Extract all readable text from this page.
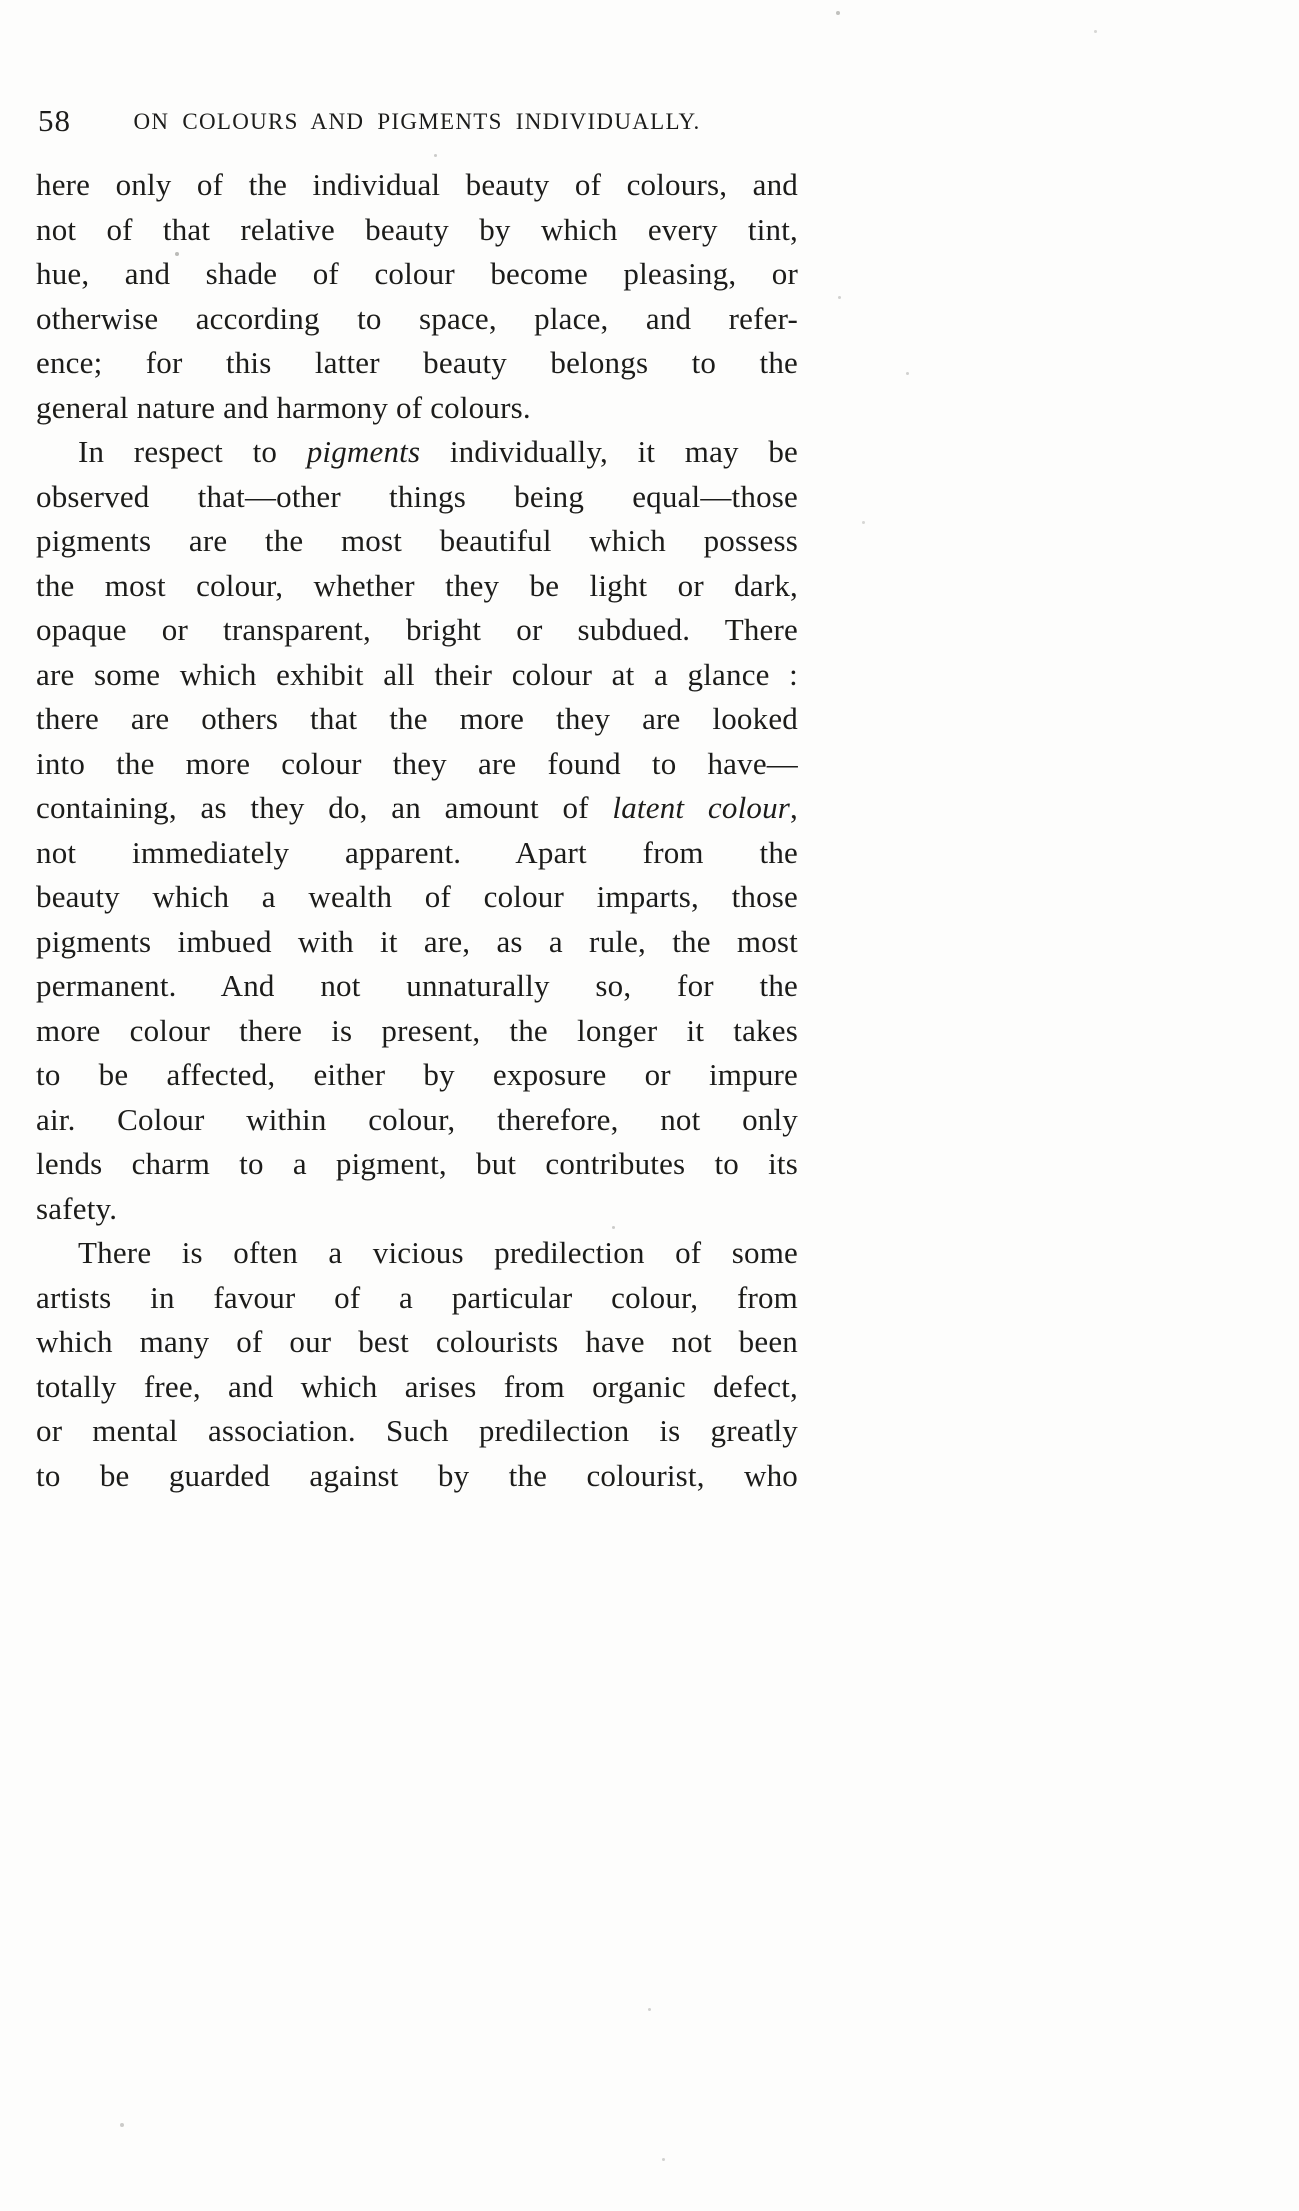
58	ON COLOURS AND PIGMENTS INDIVIDUALLY.
here only of the individual beauty of colours, and
not of that relative beauty by which every tint,
hue, and shade of colour become pleasing, or
otherwise according to space, place, and refer-
ence; for this latter beauty belongs to the
general nature and harmony of colours.
In respect to pigments individually, it may be
observed that—other things being equal—those
pigments are the most beautiful which possess
the most colour, whether they be light or dark,
opaque or transparent, bright or subdued. There
are some which exhibit all their colour at a glance :
there are others that the more they are looked
into the more colour they are found to have—
containing, as they do, an amount of latent colour,
not immediately apparent. Apart from the
beauty which a wealth of colour imparts, those
pigments imbued with it are, as a rule, the most
permanent. And not unnaturally so, for the
more colour there is present, the longer it takes
to be affected, either by exposure or impure
air. Colour within colour, therefore, not only
lends charm to a pigment, but contributes to its
safety.
There is often a vicious predilection of some
artists in favour of a particular colour, from
which many of our best colourists have not been
totally free, and which arises from organic defect,
or mental association. Such predilection is greatly
to be guarded against by the colourist, who
